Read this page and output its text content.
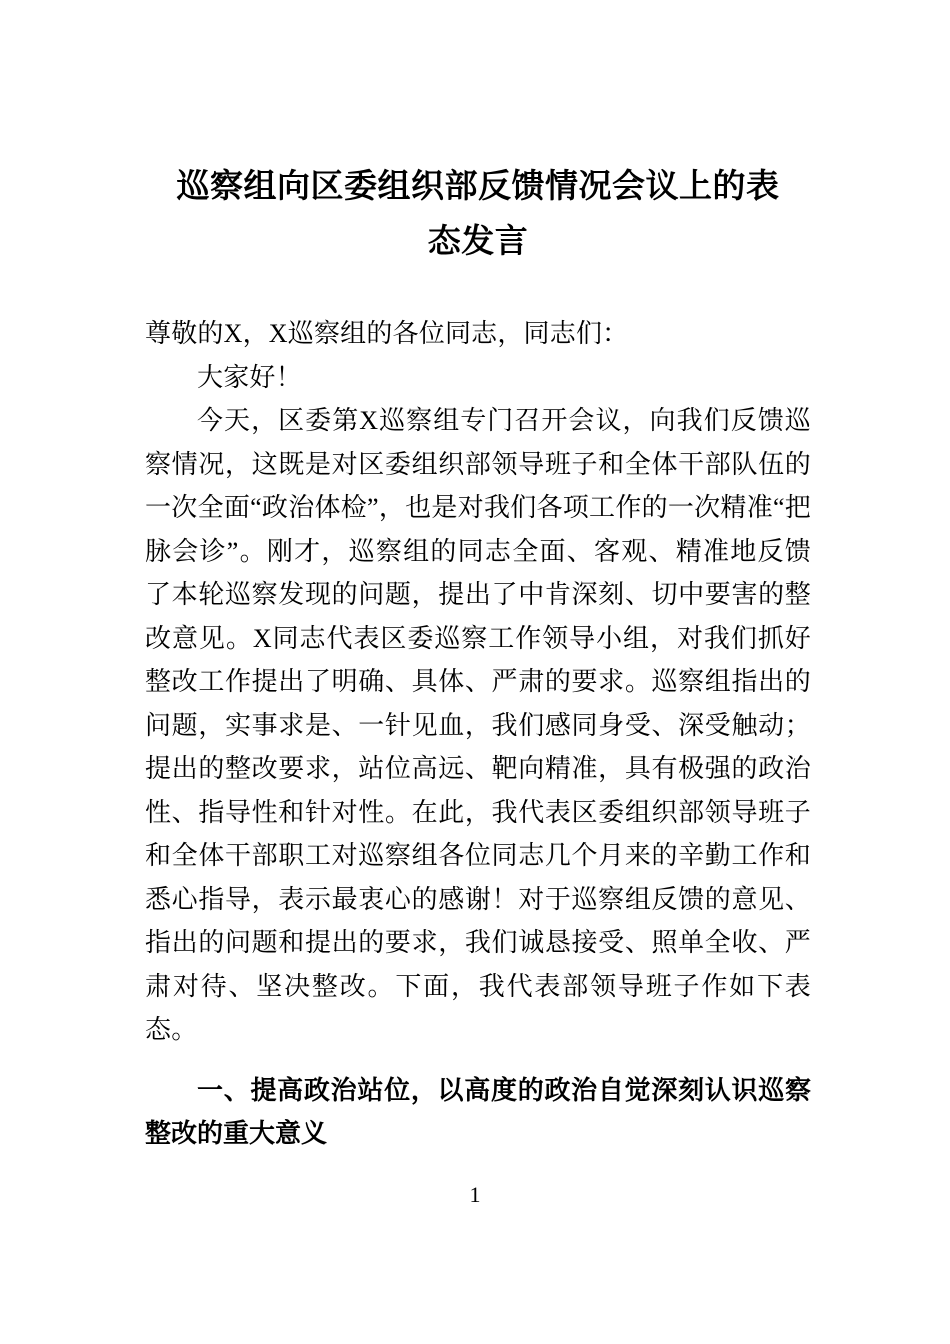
巡察组向区委组织部反馈情况会议上的表
态发言

尊敬的X，X巡察组的各位同志，同志们：

大家好！

今天，区委第X巡察组专门召开会议，向我们反馈巡察情况，这既是对区委组织部领导班子和全体干部队伍的一次全面“政治体检”，也是对我们各项工作的一次精准“把脉会诊”。刚才，巡察组的同志全面、客观、精准地反馈了本轮巡察发现的问题，提出了中肯深刻、切中要害的整改意见。X同志代表区委巡察工作领导小组，对我们抓好整改工作提出了明确、具体、严肃的要求。巡察组指出的问题，实事求是、一针见血，我们感同身受、深受触动；提出的整改要求，站位高远、靶向精准，具有极强的政治性、指导性和针对性。在此，我代表区委组织部领导班子和全体干部职工对巡察组各位同志几个月来的辛勤工作和悉心指导，表示最衷心的感谢！对于巡察组反馈的意见、指出的问题和提出的要求，我们诚恳接受、照单全收、严肃对待、坚决整改。下面，我代表部领导班子作如下表态。

一、提高政治站位，以高度的政治自觉深刻认识巡察整改的重大意义

1
